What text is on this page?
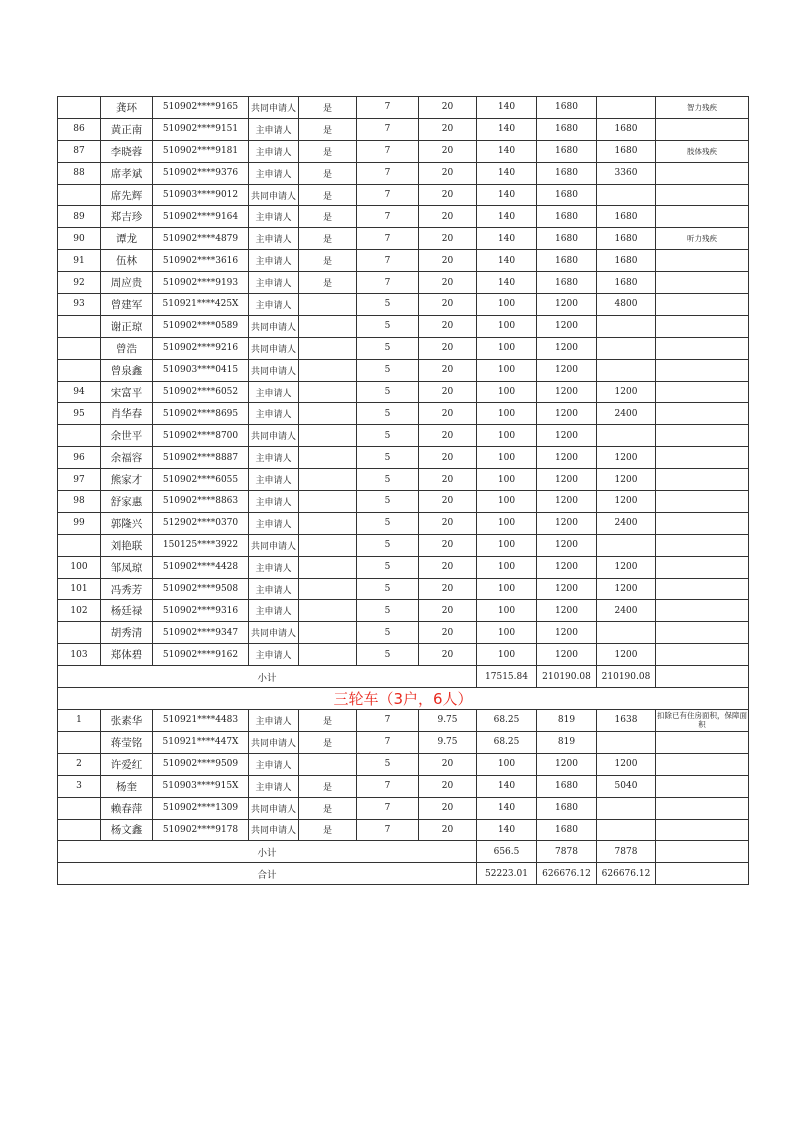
	龚环	510902****9165	共同申请人	是	7	20	140	1680		智力残疾
86	黄正南	510902****9151	主申请人	是	7	20	140	1680	1680	
87	李晓蓉	510902****9181	主申请人	是	7	20	140	1680	1680	肢体残疾
88	席孝斌	510902****9376	主申请人	是	7	20	140	1680	3360	
	席先辉	510903****9012	共同申请人	是	7	20	140	1680		
89	郑吉珍	510902****9164	主申请人	是	7	20	140	1680	1680	
90	谭龙	510902****4879	主申请人	是	7	20	140	1680	1680	听力残疾
91	伍林	510902****3616	主申请人	是	7	20	140	1680	1680	
92	周应贵	510902****9193	主申请人	是	7	20	140	1680	1680	
93	曾建军	510921****425X	主申请人		5	20	100	1200	4800	
	谢正琼	510902****0589	共同申请人		5	20	100	1200		
	曾浩	510902****9216	共同申请人		5	20	100	1200		
	曾泉鑫	510903****0415	共同申请人		5	20	100	1200		
94	宋富平	510902****6052	主申请人		5	20	100	1200	1200	
95	肖华春	510902****8695	主申请人		5	20	100	1200	2400	
	余世平	510902****8700	共同申请人		5	20	100	1200		
96	余福容	510902****8887	主申请人		5	20	100	1200	1200	
97	熊家才	510902****6055	主申请人		5	20	100	1200	1200	
98	舒家惠	510902****8863	主申请人		5	20	100	1200	1200	
99	郭隆兴	512902****0370	主申请人		5	20	100	1200	2400	
	刘艳联	150125****3922	共同申请人		5	20	100	1200		
100	邹凤琼	510902****4428	主申请人		5	20	100	1200	1200	
101	冯秀芳	510902****9508	主申请人		5	20	100	1200	1200	
102	杨廷禄	510902****9316	主申请人		5	20	100	1200	2400	
	胡秀清	510902****9347	共同申请人		5	20	100	1200		
103	郑体碧	510902****9162	主申请人		5	20	100	1200	1200	
小计							17515.84	210190.08	210190.08	
三轮车（3户，6人）										
1	张素华	510921****4483	主申请人	是	7	9.75	68.25	819	1638	扣除已有住房面积，保障面积
	蒋莹铭	510921****447X	共同申请人	是	7	9.75	68.25	819		
2	许爱红	510902****9509	主申请人		5	20	100	1200	1200	
3	杨奎	510903****915X	主申请人	是	7	20	140	1680	5040	
	赖春萍	510902****1309	共同申请人	是	7	20	140	1680		
	杨文鑫	510902****9178	共同申请人	是	7	20	140	1680		
小计							656.5	7878	7878	
合计							52223.01	626676.12	626676.12	
